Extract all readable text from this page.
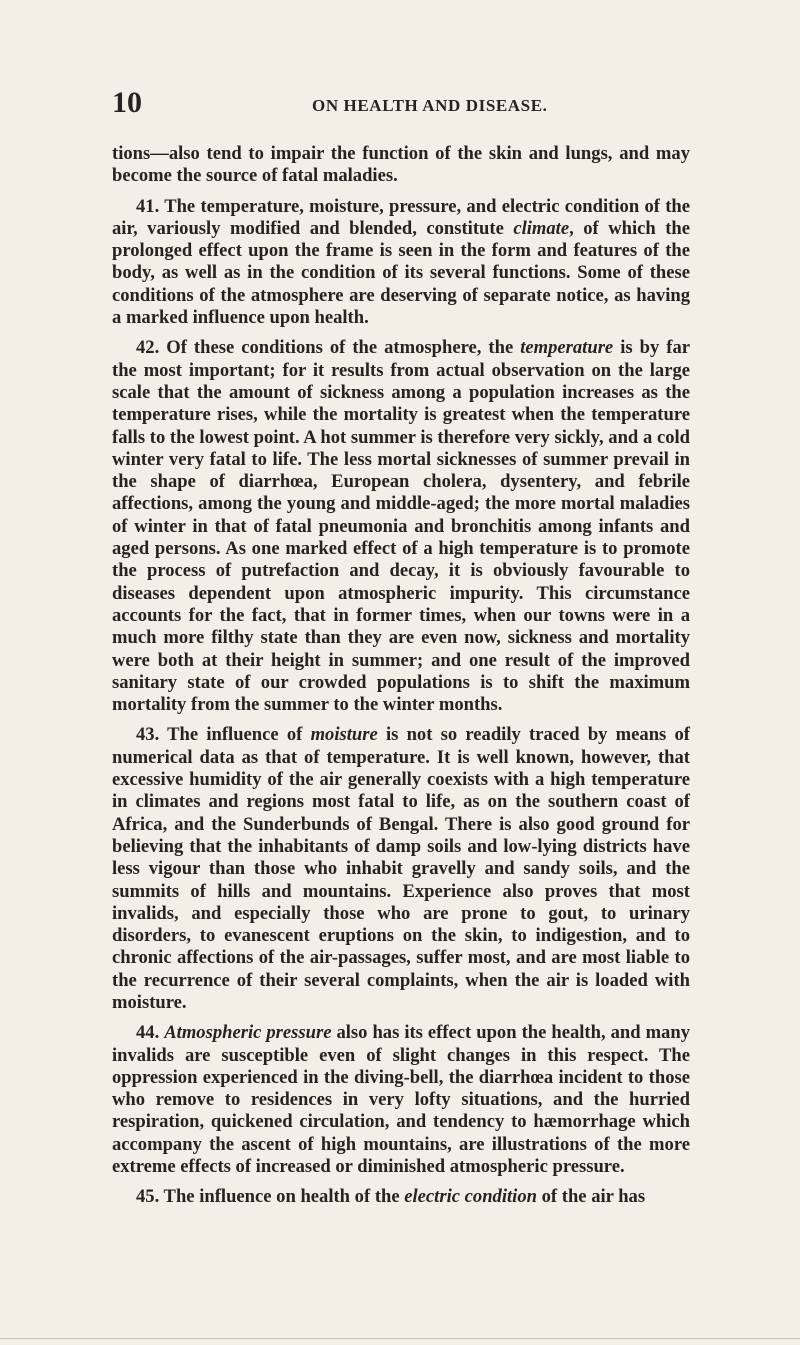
10	ON HEALTH AND DISEASE.

tions—also tend to impair the function of the skin and lungs, and may become the source of fatal maladies.

41. The temperature, moisture, pressure, and electric condition of the air, variously modified and blended, constitute climate, of which the prolonged effect upon the frame is seen in the form and features of the body, as well as in the condition of its several functions. Some of these conditions of the atmosphere are deserving of separate notice, as having a marked influence upon health.

42. Of these conditions of the atmosphere, the temperature is by far the most important; for it results from actual observation on the large scale that the amount of sickness among a population increases as the temperature rises, while the mortality is greatest when the temperature falls to the lowest point. A hot summer is therefore very sickly, and a cold winter very fatal to life. The less mortal sicknesses of summer prevail in the shape of diarrhœa, European cholera, dysentery, and febrile affections, among the young and middle-aged; the more mortal maladies of winter in that of fatal pneumonia and bronchitis among infants and aged persons. As one marked effect of a high temperature is to promote the process of putrefaction and decay, it is obviously favourable to diseases dependent upon atmospheric impurity. This circumstance accounts for the fact, that in former times, when our towns were in a much more filthy state than they are even now, sickness and mortality were both at their height in summer; and one result of the improved sanitary state of our crowded populations is to shift the maximum mortality from the summer to the winter months.

43. The influence of moisture is not so readily traced by means of numerical data as that of temperature. It is well known, however, that excessive humidity of the air generally coexists with a high temperature in climates and regions most fatal to life, as on the southern coast of Africa, and the Sunderbunds of Bengal. There is also good ground for believing that the inhabitants of damp soils and low-lying districts have less vigour than those who inhabit gravelly and sandy soils, and the summits of hills and mountains. Experience also proves that most invalids, and especially those who are prone to gout, to urinary disorders, to evanescent eruptions on the skin, to indigestion, and to chronic affections of the air-passages, suffer most, and are most liable to the recurrence of their several complaints, when the air is loaded with moisture.

44. Atmospheric pressure also has its effect upon the health, and many invalids are susceptible even of slight changes in this respect. The oppression experienced in the diving-bell, the diarrhœa incident to those who remove to residences in very lofty situations, and the hurried respiration, quickened circulation, and tendency to hæmorrhage which accompany the ascent of high mountains, are illustrations of the more extreme effects of increased or diminished atmospheric pressure.

45. The influence on health of the electric condition of the air has
